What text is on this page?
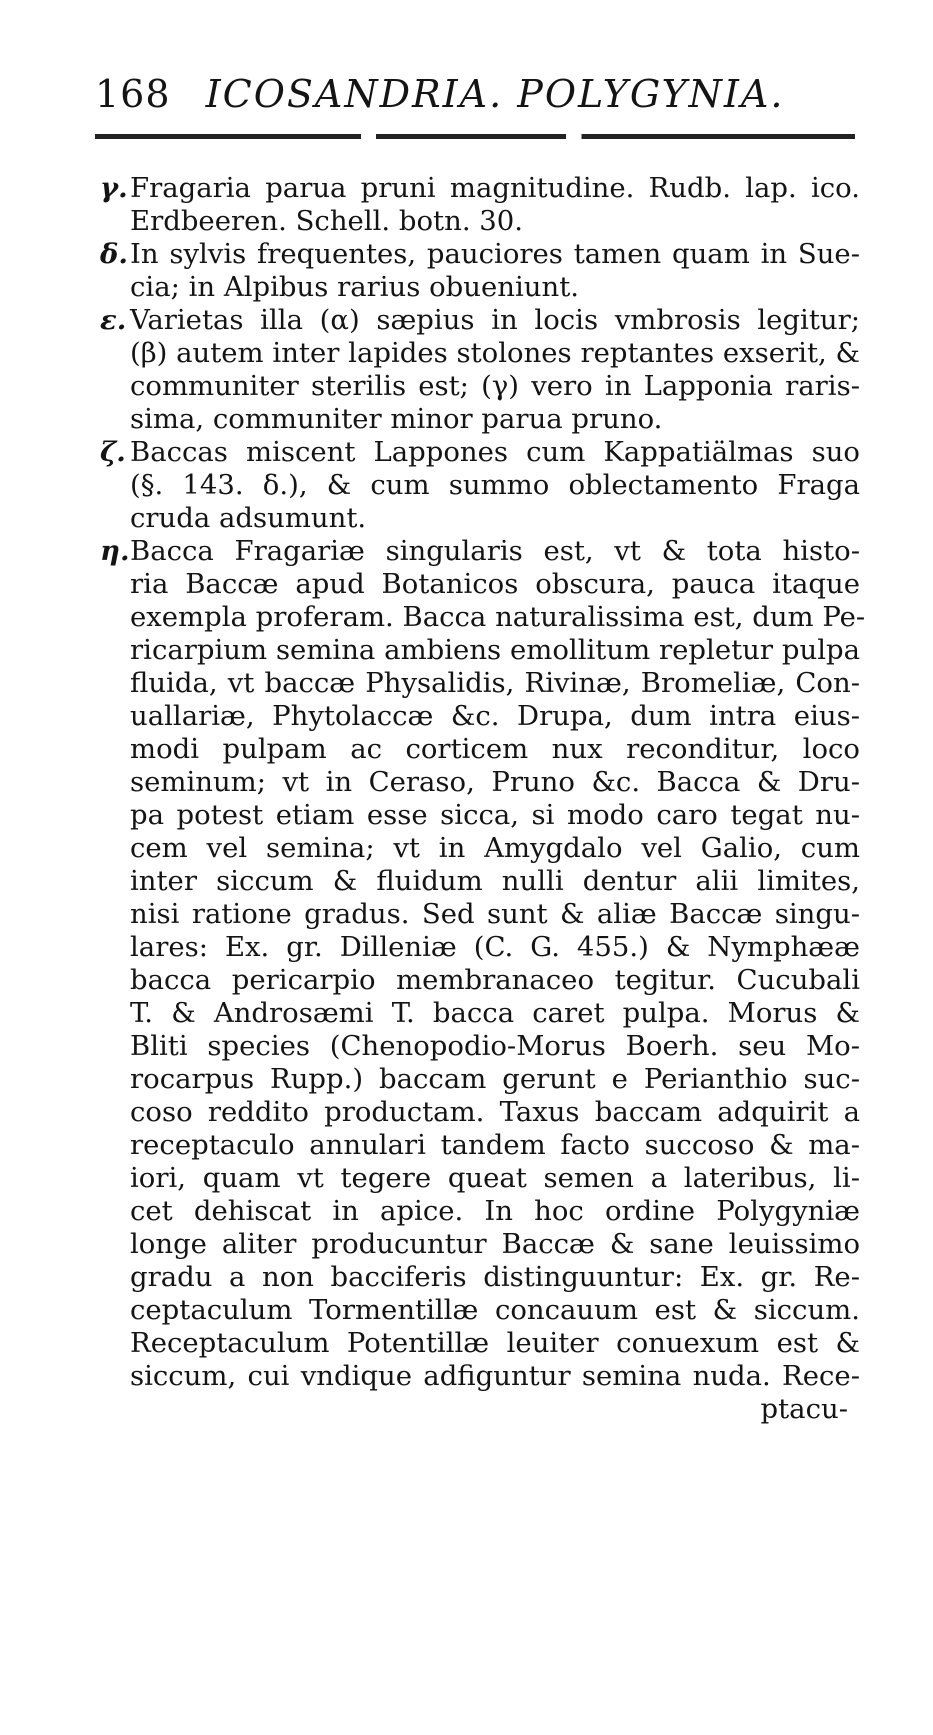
168 ICOSANDRIA. POLYGYNIA.
γ. Fragaria parua pruni magnitudine. Rudb. lap. ico.
Erdbeeren. Schell. botn. 30.
δ. In sylvis frequentes, pauciores tamen quam in Sue-
cia; in Alpibus rarius obueniunt.
ε. Varietas illa (α) sæpius in locis vmbrosis legitur;
(β) autem inter lapides stolones reptantes exserit, &
communiter sterilis est; (γ) vero in Lapponia raris-
sima, communiter minor parua pruno.
ζ. Baccas miscent Lappones cum Kappatiälmas suo
(§. 143. δ.), & cum summo oblectamento Fraga
cruda adsumunt.
η. Bacca Fragariæ singularis est, vt & tota histo-
ria Baccæ apud Botanicos obscura, pauca itaque
exempla proferam. Bacca naturalissima est, dum Pe-
ricarpium semina ambiens emollitum repletur pulpa
fluida, vt baccæ Physalidis, Rivinæ, Bromeliæ, Con-
uallariæ, Phytolaccæ &c. Drupa, dum intra eius-
modi pulpam ac corticem nux reconditur, loco
seminum; vt in Ceraso, Pruno &c. Bacca & Dru-
pa potest etiam esse sicca, si modo caro tegat nu-
cem vel semina; vt in Amygdalo vel Galio, cum
inter siccum & fluidum nulli dentur alii limites,
nisi ratione gradus. Sed sunt & aliæ Baccæ singu-
lares: Ex. gr. Dilleniæ (C. G. 455.) & Nymphææ
bacca pericarpio membranaceo tegitur. Cucubali
T. & Androsæmi T. bacca caret pulpa. Morus &
Bliti species (Chenopodio-Morus Boerh. seu Mo-
rocarpus Rupp.) baccam gerunt e Perianthio suc-
coso reddito productam. Taxus baccam adquirit a
receptaculo annulari tandem facto succoso & ma-
iori, quam vt tegere queat semen a lateribus, li-
cet dehiscat in apice. In hoc ordine Polygyniæ
longe aliter producuntur Baccæ & sane leuissimo
gradu a non bacciferis distinguuntur: Ex. gr. Re-
ceptaculum Tormentillæ concauum est & siccum.
Receptaculum Potentillæ leuiter conuexum est &
siccum, cui vndique adfiguntur semina nuda. Rece-
ptacu-
